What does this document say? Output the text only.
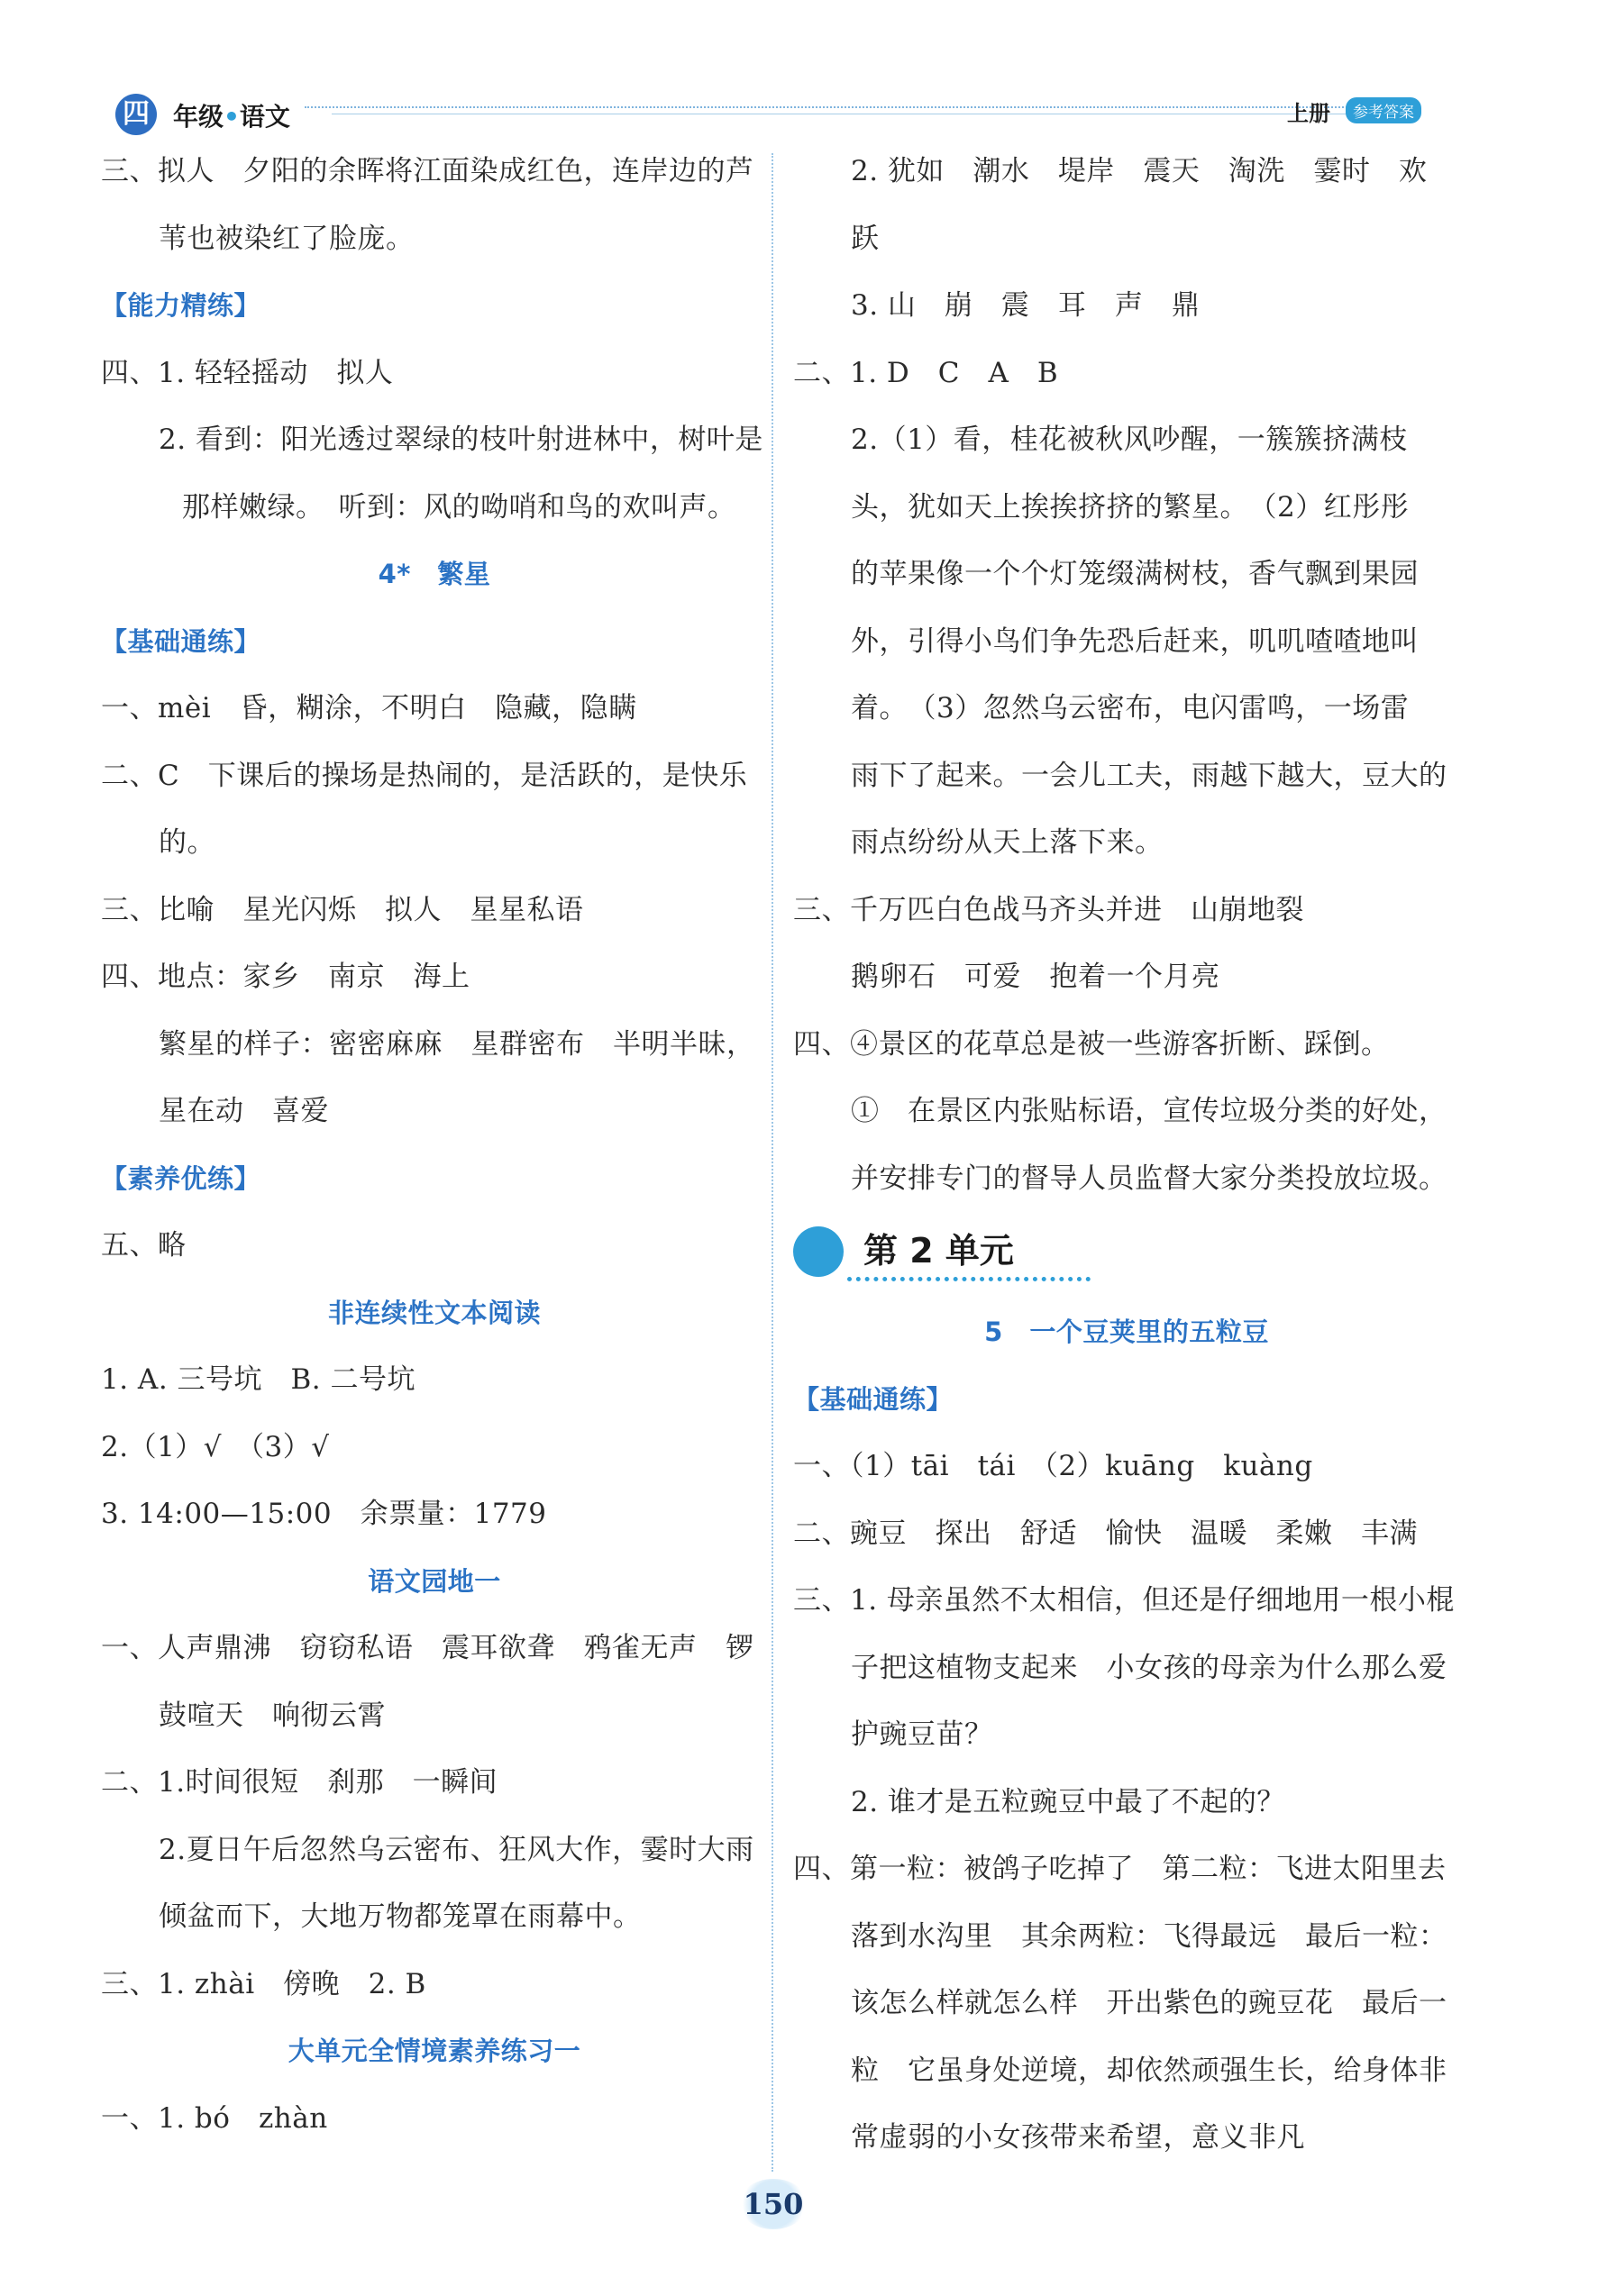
四 年级•语文	上册	参考答案
三、拟人　夕阳的余晖将江面染成红色，连岸边的芦
苇也被染红了脸庞。
【能力精练】
四、1. 轻轻摇动　拟人
2. 看到：阳光透过翠绿的枝叶射进林中，树叶是
那样嫩绿。　听到：风的呦哨和鸟的欢叫声。
4*　繁星
【基础通练】
一、mèi　昏，糊涂，不明白　隐藏，隐瞒
二、C　下课后的操场是热闹的，是活跃的，是快乐
的。
三、比喻　星光闪烁　拟人　星星私语
四、地点：家乡　南京　海上
繁星的样子：密密麻麻　星群密布　半明半昧，
星在动　喜爱
【素养优练】
五、略
非连续性文本阅读
1. A. 三号坑　B. 二号坑
2.（1）√　（3）√
3. 14:00—15:00　余票量：1779
语文园地一
一、人声鼎沸　窃窃私语　震耳欲聋　鸦雀无声　锣
鼓喧天　响彻云霄
二、1.时间很短　刹那　一瞬间
2.夏日午后忽然乌云密布、狂风大作，霎时大雨
倾盆而下，大地万物都笼罩在雨幕中。
三、1. zhài　傍晚　2. B
大单元全情境素养练习一
一、1. bó　zhàn
2. 犹如　潮水　堤岸　震天　淘洗　霎时　欢
跃
3. 山　崩　震　耳　声　鼎
二、1. D　C　A　B
2.（1）看，桂花被秋风吵醒，一簇簇挤满枝
头，犹如天上挨挨挤挤的繁星。　（2）红彤彤
的苹果像一个个灯笼缀满树枝，香气飘到果园
外，引得小鸟们争先恐后赶来，叽叽喳喳地叫
着。　（3）忽然乌云密布，电闪雷鸣，一场雷
雨下了起来。一会儿工夫，雨越下越大，豆大的
雨点纷纷从天上落下来。
三、千万匹白色战马齐头并进　山崩地裂
鹅卵石　可爱　抱着一个月亮
四、④景区的花草总是被一些游客折断、踩倒。
①　在景区内张贴标语，宣传垃圾分类的好处，
并安排专门的督导人员监督大家分类投放垃圾。
第 2 单元
5　一个豆荚里的五粒豆
【基础通练】
一、（1）tāi　tái　（2）kuāng　kuàng
二、豌豆　探出　舒适　愉快　温暖　柔嫩　丰满
三、1. 母亲虽然不太相信，但还是仔细地用一根小棍
子把这植物支起来　小女孩的母亲为什么那么爱
护豌豆苗？
2. 谁才是五粒豌豆中最了不起的？
四、第一粒：被鸽子吃掉了　第二粒：飞进太阳里去
落到水沟里　其余两粒：飞得最远　最后一粒：
该怎么样就怎么样　开出紫色的豌豆花　最后一
粒　它虽身处逆境，却依然顽强生长，给身体非
常虚弱的小女孩带来希望，意义非凡
150
